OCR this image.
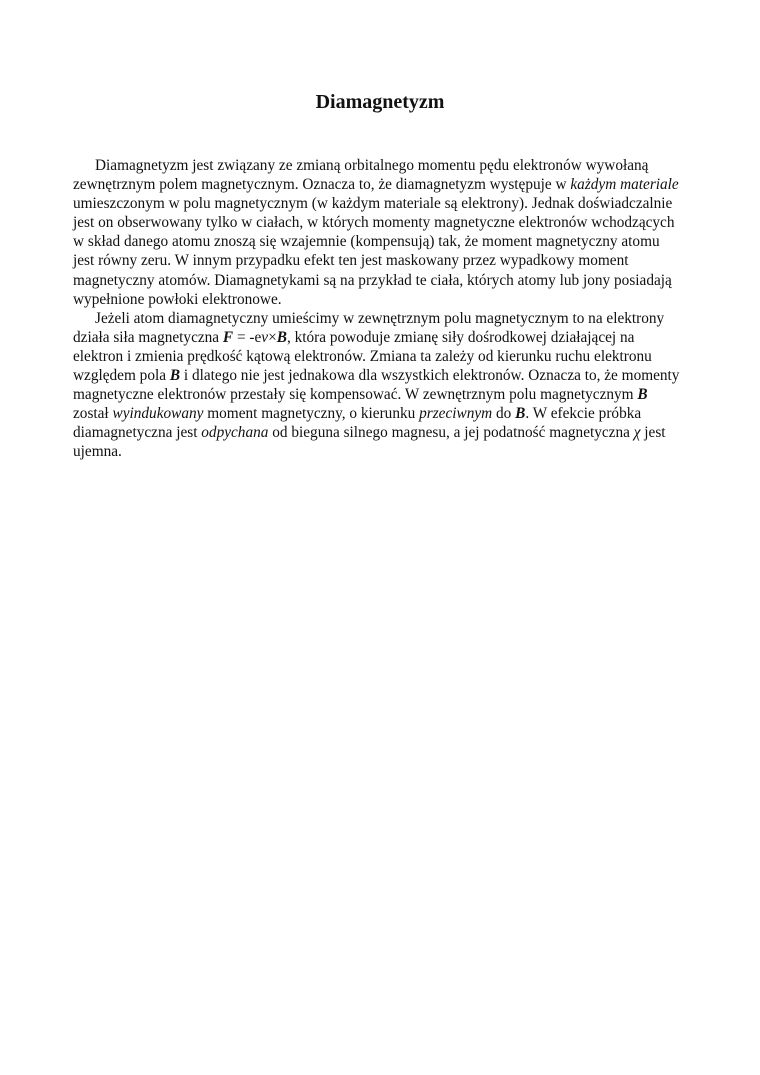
Diamagnetyzm

Diamagnetyzm jest związany ze zmianą orbitalnego momentu pędu elektronów wywołaną zewnętrznym polem magnetycznym. Oznacza to, że diamagnetyzm występuje w każdym materiale umieszczonym w polu magnetycznym (w każdym materiale są elektrony). Jednak doświadczalnie jest on obserwowany tylko w ciałach, w których momenty magnetyczne elektronów wchodzących w skład danego atomu znoszą się wzajemnie (kompensują) tak, że moment magnetyczny atomu jest równy zeru. W innym przypadku efekt ten jest maskowany przez wypadkowy moment magnetyczny atomów. Diamagnetykami są na przykład te ciała, których atomy lub jony posiadają wypełnione powłoki elektronowe.

Jeżeli atom diamagnetyczny umieścimy w zewnętrznym polu magnetycznym to na elektrony działa siła magnetyczna F = -ev×B, która powoduje zmianę siły dośrodkowej działającej na elektron i zmienia prędkość kątową elektronów. Zmiana ta zależy od kierunku ruchu elektronu względem pola B i dlatego nie jest jednakowa dla wszystkich elektronów. Oznacza to, że momenty magnetyczne elektronów przestały się kompensować. W zewnętrznym polu magnetycznym B został wyindukowany moment magnetyczny, o kierunku przeciwnym do B. W efekcie próbka diamagnetyczna jest odpychana od bieguna silnego magnesu, a jej podatność magnetyczna χ jest ujemna.
